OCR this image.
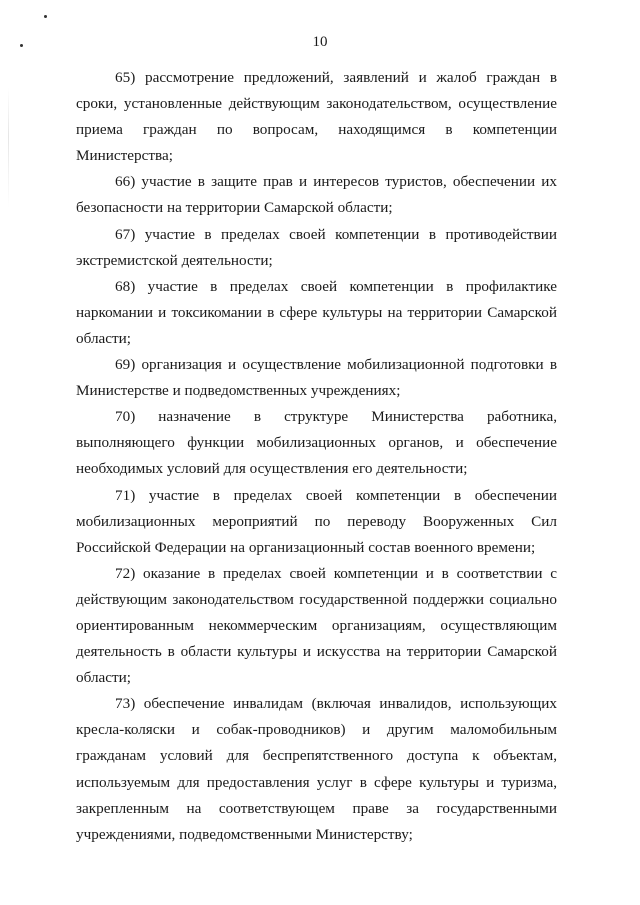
10

65) рассмотрение предложений, заявлений и жалоб граждан в сроки, установленные действующим законодательством, осуществление приема граждан по вопросам, находящимся в компетенции Министерства;

66) участие в защите прав и интересов туристов, обеспечении их безопасности на территории Самарской области;

67) участие в пределах своей компетенции в противодействии экстремистской деятельности;

68) участие в пределах своей компетенции в профилактике наркомании и токсикомании в сфере культуры на территории Самарской области;

69) организация и осуществление мобилизационной подготовки в Министерстве и подведомственных учреждениях;

70) назначение в структуре Министерства работника, выполняющего функции мобилизационных органов, и обеспечение необходимых условий для осуществления его деятельности;

71) участие в пределах своей компетенции в обеспечении мобилизационных мероприятий по переводу Вооруженных Сил Российской Федерации на организационный состав военного времени;

72) оказание в пределах своей компетенции и в соответствии с действующим законодательством государственной поддержки социально ориентированным некоммерческим организациям, осуществляющим деятельность в области культуры и искусства на территории Самарской области;

73) обеспечение инвалидам (включая инвалидов, использующих кресла-коляски и собак-проводников) и другим маломобильным гражданам условий для беспрепятственного доступа к объектам, используемым для предоставления услуг в сфере культуры и туризма, закрепленным на соответствующем праве за государственными учреждениями, подведомственными Министерству;
